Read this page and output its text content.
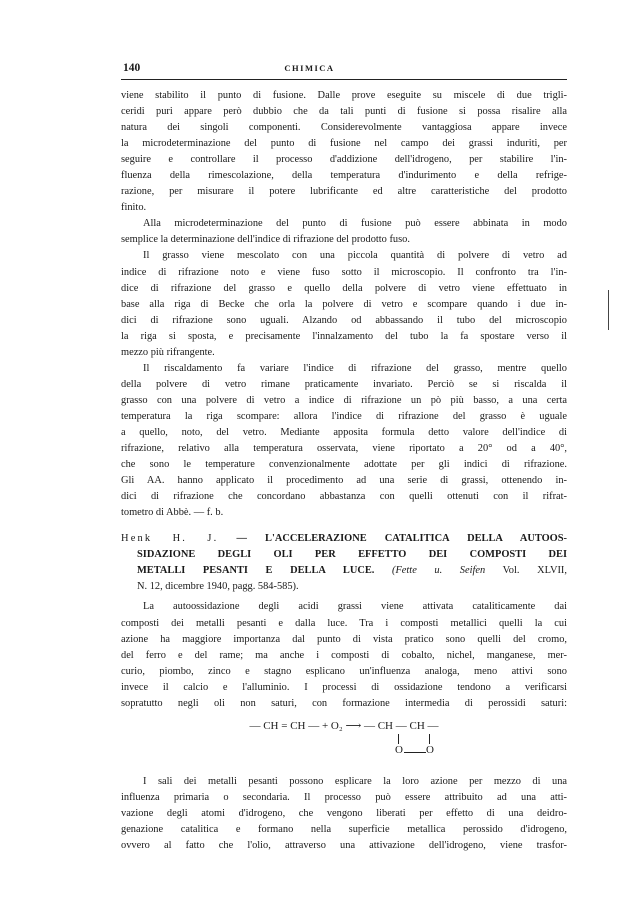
140	CHIMICA
viene stabilito il punto di fusione. Dalle prove eseguite su miscele di due trigli-
ceridi puri appare però dubbio che da tali punti di fusione si possa risalire alla
natura dei singoli componenti. Considerevolmente vantaggiosa appare invece
la microdeterminazione del punto di fusione nel campo dei grassi induriti, per
seguire e controllare il processo d'addizione dell'idrogeno, per stabilire l'in-
fluenza della rimescolazione, della temperatura d'indurimento e della refrige-
razione, per misurare il potere lubrificante ed altre caratteristiche del prodotto
finito.
Alla microdeterminazione del punto di fusione può essere abbinata in modo
semplice la determinazione dell'indice di rifrazione del prodotto fuso.
Il grasso viene mescolato con una piccola quantità di polvere di vetro ad
indice di rifrazione noto e viene fuso sotto il microscopio. Il confronto tra l'in-
dice di rifrazione del grasso e quello della polvere di vetro viene effettuato in
base alla riga di Becke che orla la polvere di vetro e scompare quando i due in-
dici di rifrazione sono uguali. Alzando od abbassando il tubo del microscopio
la riga si sposta, e precisamente l'innalzamento del tubo la fa spostare verso il
mezzo più rifrangente.
Il riscaldamento fa variare l'indice di rifrazione del grasso, mentre quello
della polvere di vetro rimane praticamente invariato. Perciò se si riscalda il
grasso con una polvere di vetro a indice di rifrazione un pò più basso, a una certa
temperatura la riga scompare: allora l'indice di rifrazione del grasso è uguale
a quello, noto, del vetro. Mediante apposita formula detto valore dell'indice di
rifrazione, relativo alla temperatura osservata, viene riportato a 20° od a 40°,
che sono le temperature convenzionalmente adottate per gli indici di rifrazione.
Gli AA. hanno applicato il procedimento ad una serie di grassi, ottenendo in-
dici di rifrazione che concordano abbastanza con quelli ottenuti con il rifrat-
tometro di Abbè. — f. b.
Henk H. J. — L'ACCELERAZIONE CATALITICA DELLA AUTOOS-
SIDAZIONE DEGLI OLI PER EFFETTO DEI COMPOSTI DEI
METALLI PESANTI E DELLA LUCE. (Fette u. Seifen Vol. XLVII,
N. 12, dicembre 1940, pagg. 584-585).
La autoossidazione degli acidi grassi viene attivata cataliticamente dai
composti dei metalli pesanti e dalla luce. Tra i composti metallici quelli la cui
azione ha maggiore importanza dal punto di vista pratico sono quelli del cromo,
del ferro e del rame; ma anche i composti di cobalto, nichel, manganese, mer-
curio, piombo, zinco e stagno esplicano un'influenza analoga, meno attivi sono
invece il calcio e l'alluminio. I processi di ossidazione tendono a verificarsi
sopratutto negli oli non saturi, con formazione intermedia di perossidi saturi:
— CH = CH — + O₂ ⟶ — CH — CH —
O O
I sali dei metalli pesanti possono esplicare la loro azione per mezzo di una
influenza primaria o secondaria. Il processo può essere attribuito ad una atti-
vazione degli atomi d'idrogeno, che vengono liberati per effetto di una deidro-
genazione catalitica e formano nella superficie metallica perossido d'idrogeno,
ovvero al fatto che l'olio, attraverso una attivazione dell'idrogeno, viene trasfor-
